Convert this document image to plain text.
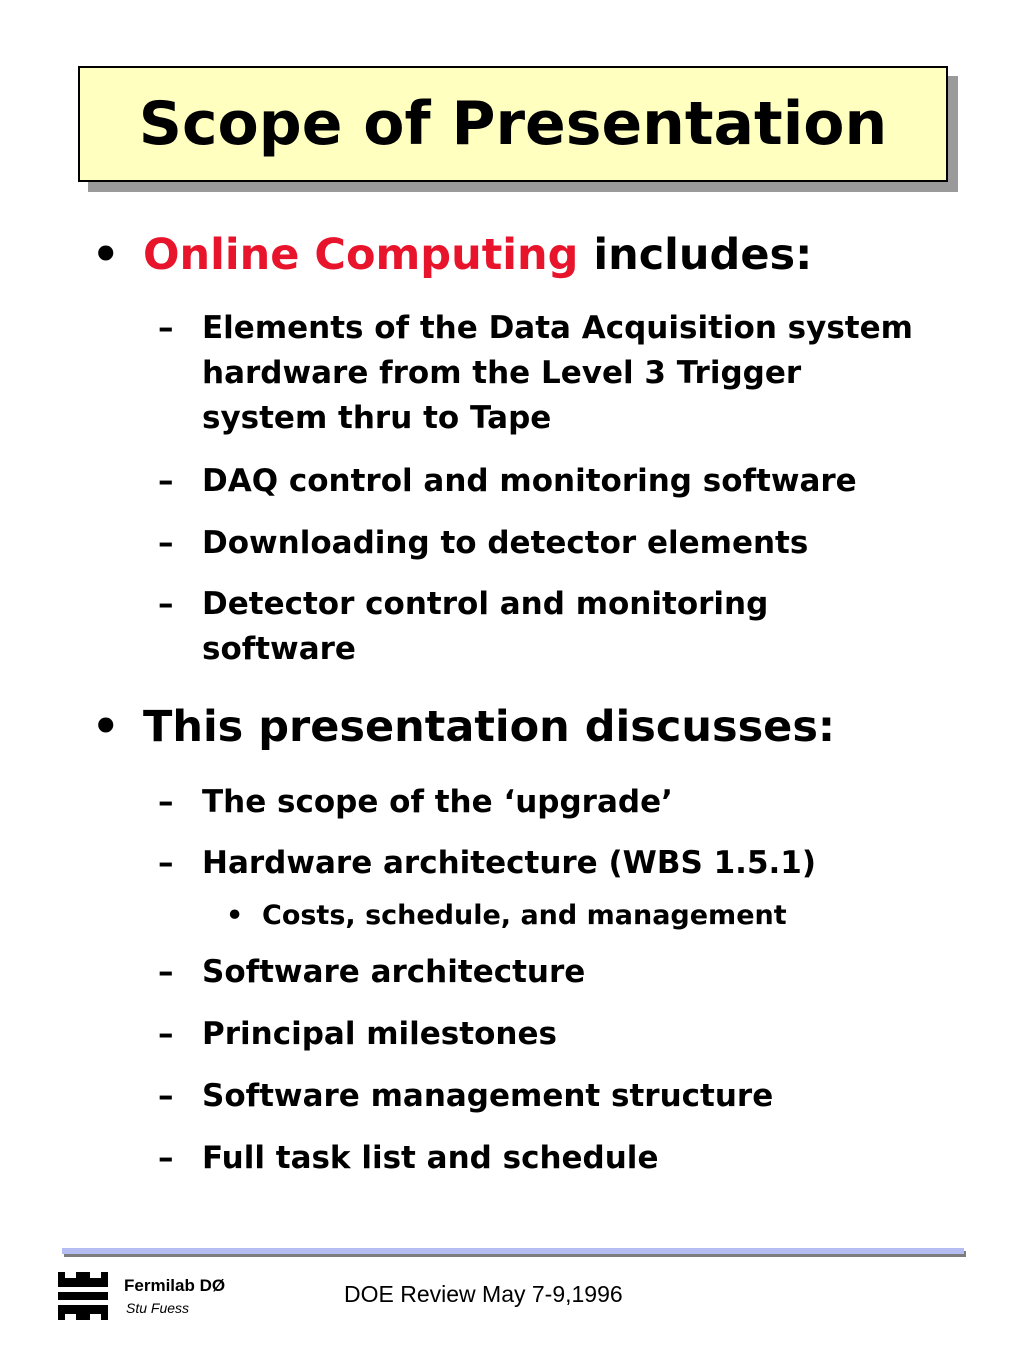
Scope of Presentation
• Online Computing includes:
– Elements of the Data Acquisition system hardware from the Level 3 Trigger system thru to Tape
– DAQ control and monitoring software
– Downloading to detector elements
– Detector control and monitoring software
• This presentation discusses:
– The scope of the ‘upgrade’
– Hardware architecture (WBS 1.5.1)
• Costs, schedule, and management
– Software architecture
– Principal milestones
– Software management structure
– Full task list and schedule
Fermilab DØ
Stu Fuess
DOE Review May 7-9,1996
